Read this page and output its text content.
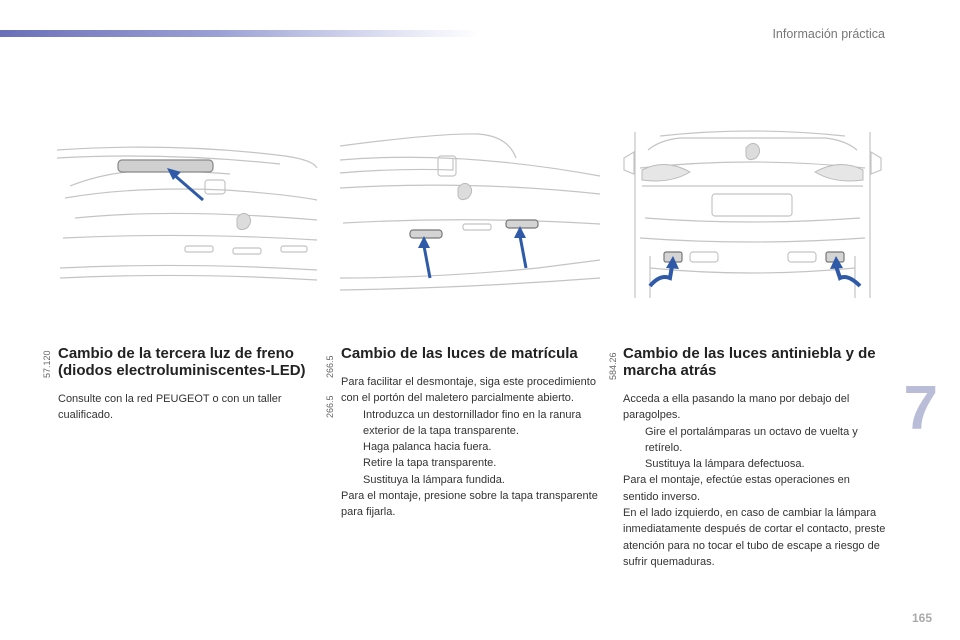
Información práctica
57.120	266.5
266.5
584.26
Cambio de la tercera luz de freno (diodos electroluminiscentes-LED)
Consulte con la red PEUGEOT o con un taller cualificado.
Cambio de las luces de matrícula
Para facilitar el desmontaje, siga este procedimiento con el portón del maletero parcialmente abierto.
Introduzca un destornillador fino en la ranura exterior de la tapa transparente.
Haga palanca hacia fuera.
Retire la tapa transparente.
Sustituya la lámpara fundida.
Para el montaje, presione sobre la tapa transparente para fijarla.
Cambio de las luces antiniebla y de marcha atrás
Acceda a ella pasando la mano por debajo del paragolpes.
Gire el portalámparas un octavo de vuelta y retírelo.
Sustituya la lámpara defectuosa.
Para el montaje, efectúe estas operaciones en sentido inverso.
En el lado izquierdo, en caso de cambiar la lámpara inmediatamente después de cortar el contacto, preste atención para no tocar el tubo de escape a riesgo de sufrir quemaduras.
7
165
